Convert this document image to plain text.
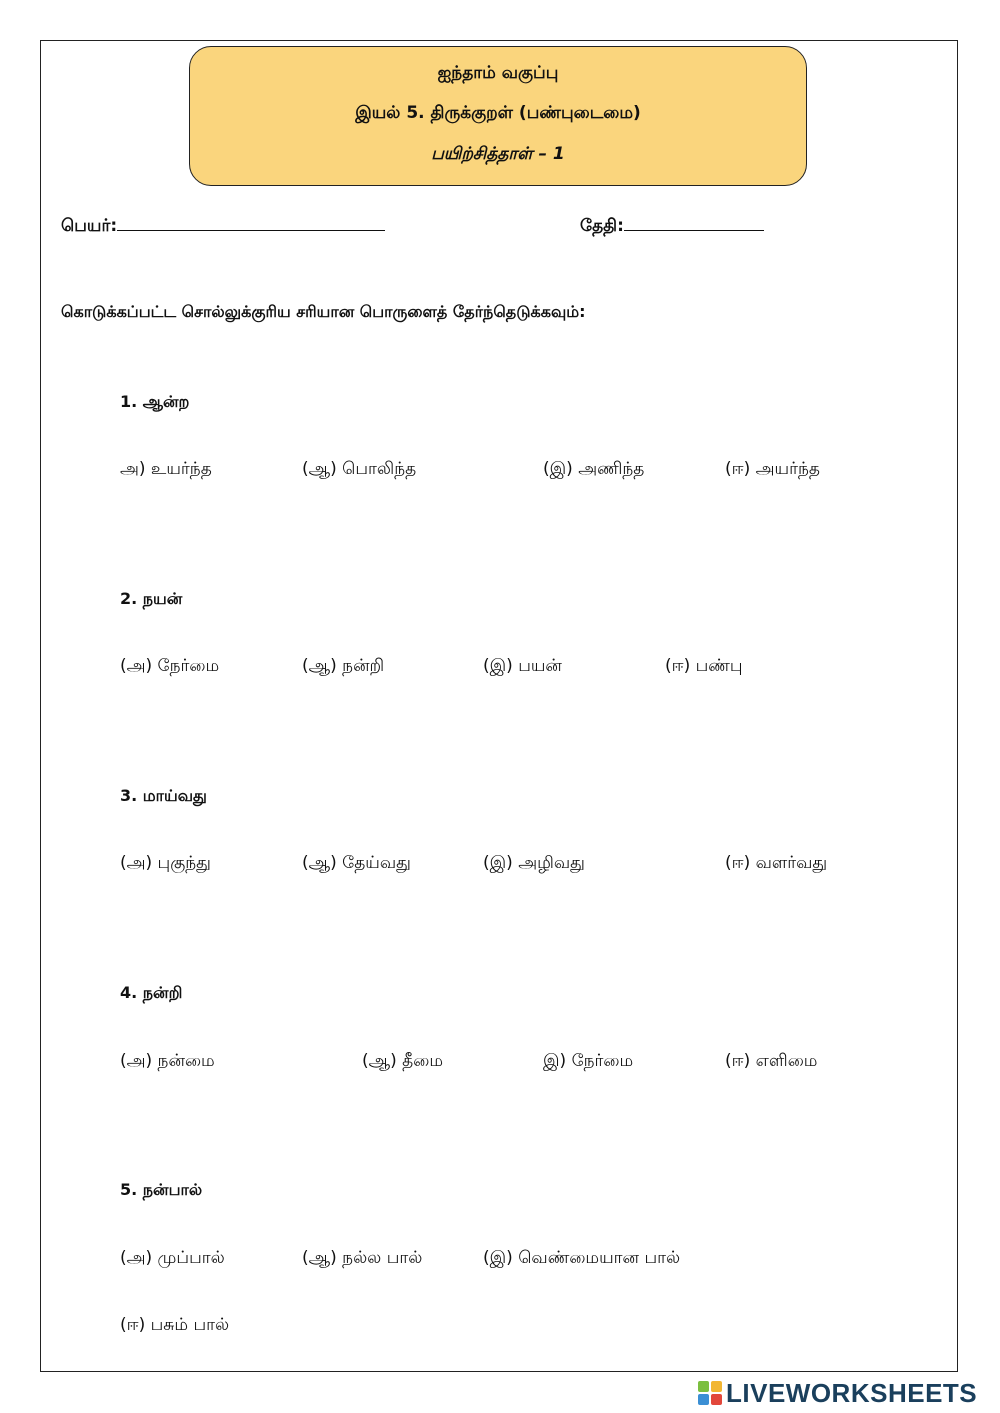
ஐந்தாம் வகுப்பு
இயல் 5. திருக்குறள் (பண்புடைமை)
பயிற்சித்தாள் – 1
பெயர்:	தேதி:
கொடுக்கப்பட்ட சொல்லுக்குரிய சரியான பொருளைத் தேர்ந்தெடுக்கவும்:
1. ஆன்ற
அ) உயர்ந்த	(ஆ) பொலிந்த	(இ) அணிந்த	(ஈ) அயர்ந்த
2. நயன்
(அ) நேர்மை	(ஆ) நன்றி	(இ) பயன்	(ஈ) பண்பு
3. மாய்வது
(அ) புகுந்து	(ஆ) தேய்வது	(இ) அழிவது	(ஈ) வளர்வது
4. நன்றி
(அ) நன்மை	(ஆ) தீமை	இ) நேர்மை	(ஈ) எளிமை
5. நன்பால்
(அ) முப்பால்	(ஆ) நல்ல பால்	(இ) வெண்மையான பால்
(ஈ) பசும் பால்
LIVEWORKSHEETS
